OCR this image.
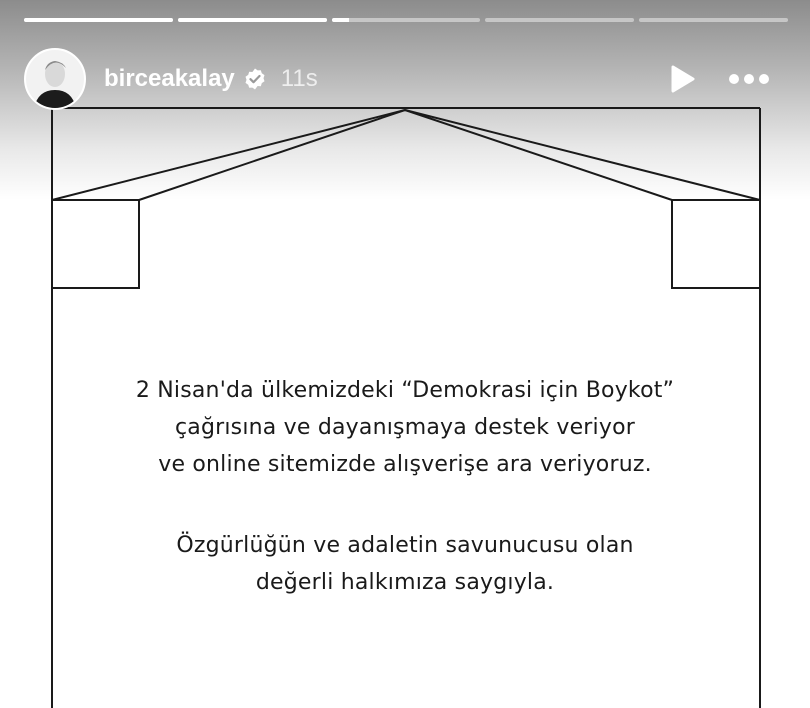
birceakalay 11s
2 Nisan'da ülkemizdeki “Demokrasi için Boykot”
çağrısına ve dayanışmaya destek veriyor
ve online sitemizde alışverişe ara veriyoruz.
Özgürlüğün ve adaletin savunucusu olan
değerli halkımıza saygıyla.
